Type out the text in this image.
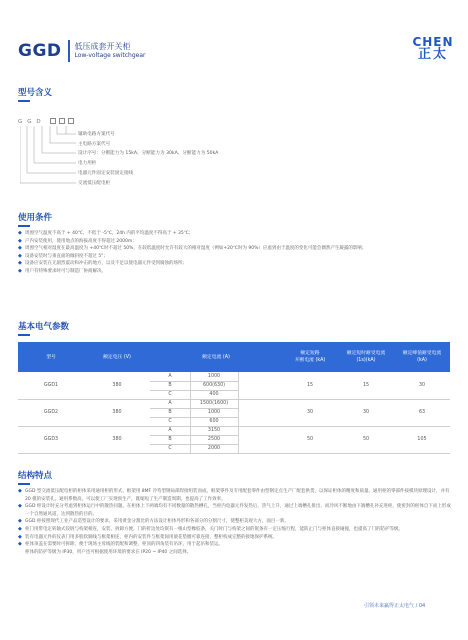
GGD 低压成套开关柜
Low-voltage switchgear
CHEN
正太
型号含义
G G D
辅助电路方案代号
主电路方案代号
设计序号：分断能力为 15kA、分断能力为 30kA、分断能力为 50kA
电力用柜
电器元件固定安装固定接线
交流低压配电柜
使用条件
◆ 周围空气温度不高于 + 40℃，不低于 -5℃，24h 内的平均温度不得高于 + 35℃；
◆ 户内安装使用，使用地点的海拔高度不得超过 2000m；
◆ 周围空气相对湿度在最高温度为 +40℃时不超过 50%，在较低温度时允许有较大的相对湿度（例如+20℃时为 90%）应虑到由于温度的变化可能会偶然产生凝露的影响；
◆ 设备安装时与垂直面的倾斜度不超过 5°；
◆ 设备应安装在无剧烈震动和冲击的地方，以及不足以使电器元件受到腐蚀的场所；
◆ 用户有特殊要求时可与制造厂协商解决。
基本电气参数
型号	额定电压 (V)	额定电流 (A)
额定短路
开断电流 (kA)
额定短时耐受电流
(1s)(kA)
额定峰值耐受电流
(kA)
GGD1	380
A	1000
B	600(630)
C	400
15	15	30
GGD2	380
A	1500(1600)
B	1000
C	600
30	30	63
GGD3	380
A	3150
B	2500
C	2000
50	50	105
结构特点
◆ GGD 型交流低压配电柜的柜体采用通用柜的形式，框架用 8MF 冷弯型钢局部焊接组装而成，框架零件及专用配套零件由型钢定点生产厂配套供货，以保证柜体的精度和质量。通用柜的零部件按模块原理设计，并有 20 模的安装孔，通用系数高，可以使工厂实现预生产，既缩短了生产制造周期，也提高了工作效率。
◆ GGD 柜设计时充分考虑到柜体运行中的散热问题。在柜体上下两端均有不同数量的散热槽孔，当柜内电器元件发热后，热气上升，通过上端槽孔排出，而冷风不断地由下端槽孔补充进柜，使密封的柜体自下而上形成一个自然通风道，达到散热的目的。
◆ GGD 柜按照现代工业产品造型设计的要求，采用黄金分割比的方法设计柜体外形和各部分的分割尺寸，使整柜美观大方，面目一新。
◆ 柜门用带电定转轴式铰链与构架相连，安装、拆卸方便。门的折边处均嵌有一根山型橡胶条，关门时门与构架之间的嵌条有一定压缩行程，能防止门与柜体直接碰撞，也提高了门的防护等级。
◆ 装有电器元件的仪表门用多股软铜线与框架相连，柜内的安装件与框架间用滚花垫圈可靠连接，整柜构成完整的接地保护系统。
◆ 柜体顶盖在需要时可拆除，便于现场主母线的装配和调整，柜顶的四角装有吊环，用于起吊和装运。
柜体的防护等级为 IP30，用户也可根据使用环境的要求在 IP20 ~ IP40 之间选择。
引领未来赢得正太电气 / 04
